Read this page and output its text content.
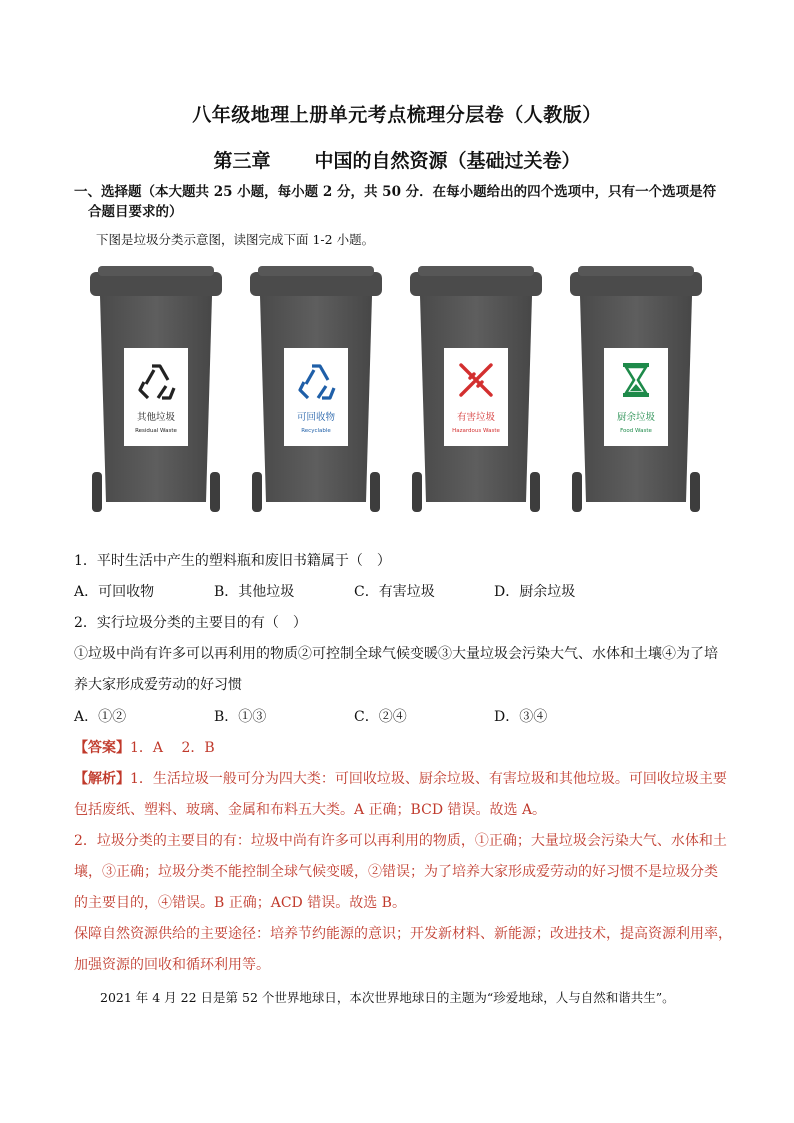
八年级地理上册单元考点梳理分层卷（人教版）
第三章 中国的自然资源（基础过关卷）
一、选择题（本大题共 25 小题，每小题 2 分，共 50 分．在每小题给出的四个选项中，只有一个选项是符
合题目要求的）
下图是垃圾分类示意图，读图完成下面 1-2 小题。
其他垃圾
Residual Waste
可回收物
Recyclable
有害垃圾
Hazardous Waste
厨余垃圾
Food Waste
1．平时生活中产生的塑料瓶和废旧书籍属于（　）
A．可回收物	B．其他垃圾	C．有害垃圾	D．厨余垃圾
2．实行垃圾分类的主要目的有（　）
①垃圾中尚有许多可以再利用的物质②可控制全球气候变暖③大量垃圾会污染大气、水体和土壤④为了培
养大家形成爱劳动的好习惯
A．①②	B．①③	C．②④	D．③④
【答案】1．A　 2．B
【解析】1．生活垃圾一般可分为四大类：可回收垃圾、厨余垃圾、有害垃圾和其他垃圾。可回收垃圾主要
包括废纸、塑料、玻璃、金属和布料五大类。A 正确；BCD 错误。故选 A。
2．垃圾分类的主要目的有：垃圾中尚有许多可以再利用的物质，①正确；大量垃圾会污染大气、水体和土
壤，③正确；垃圾分类不能控制全球气候变暖，②错误；为了培养大家形成爱劳动的好习惯不是垃圾分类
的主要目的，④错误。B 正确；ACD 错误。故选 B。
保障自然资源供给的主要途径：培养节约能源的意识；开发新材料、新能源；改进技术，提高资源利用率，
加强资源的回收和循环利用等。
2021 年 4 月 22 日是第 52 个世界地球日，本次世界地球日的主题为“珍爱地球，人与自然和谐共生”。
